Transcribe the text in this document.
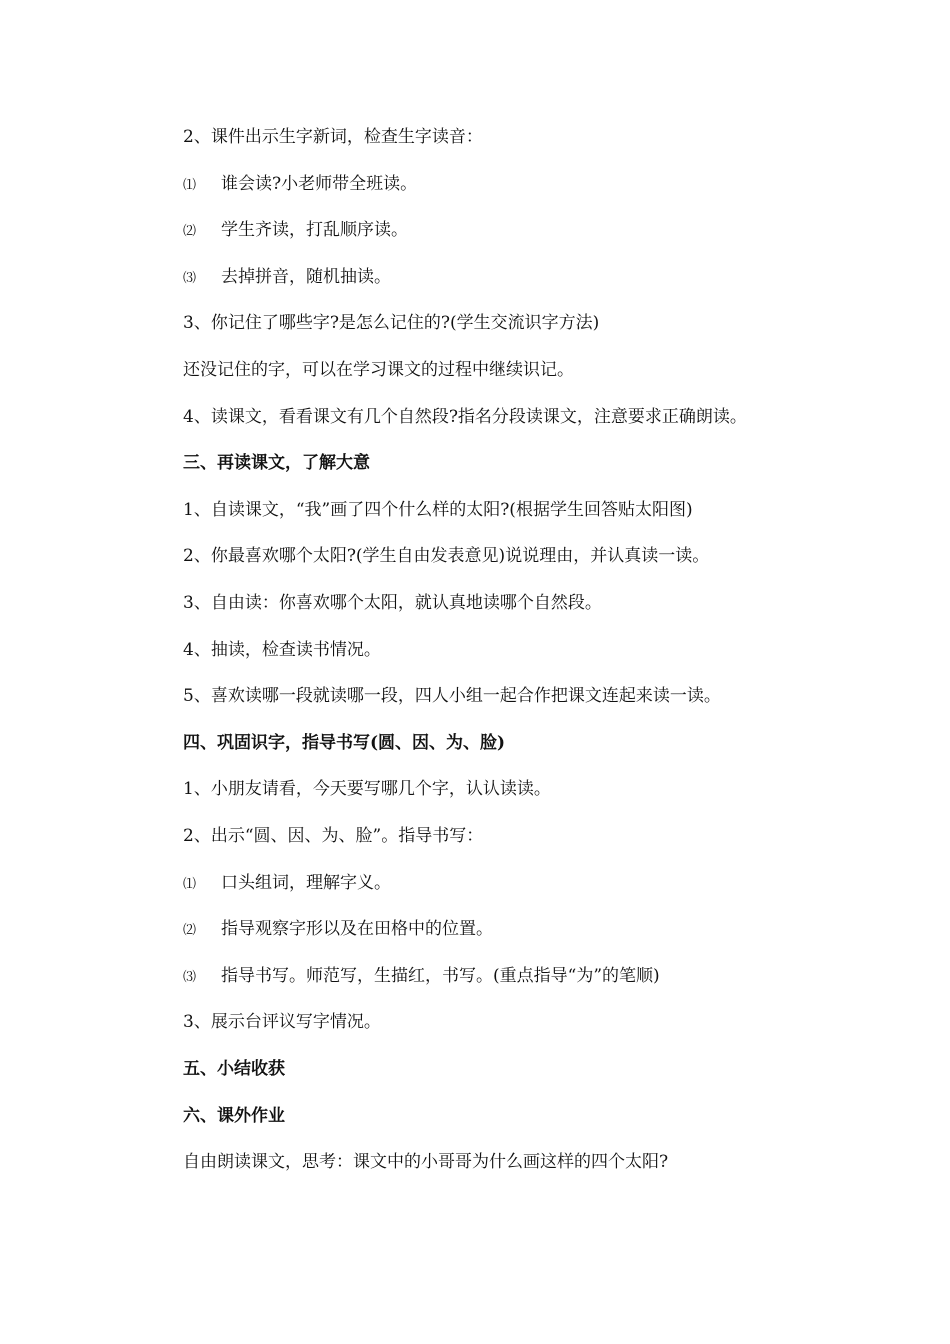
2、课件出示生字新词，检查生字读音：
⑴ 谁会读?小老师带全班读。
⑵ 学生齐读，打乱顺序读。
⑶ 去掉拼音，随机抽读。
3、你记住了哪些字?是怎么记住的?(学生交流识字方法)
还没记住的字，可以在学习课文的过程中继续识记。
4、读课文，看看课文有几个自然段?指名分段读课文，注意要求正确朗读。
三、再读课文，了解大意
1、自读课文，“我”画了四个什么样的太阳?(根据学生回答贴太阳图)
2、你最喜欢哪个太阳?(学生自由发表意见)说说理由，并认真读一读。
3、自由读：你喜欢哪个太阳，就认真地读哪个自然段。
4、抽读，检查读书情况。
5、喜欢读哪一段就读哪一段，四人小组一起合作把课文连起来读一读。
四、巩固识字，指导书写(圆、因、为、脸)
1、小朋友请看，今天要写哪几个字，认认读读。
2、出示“圆、因、为、脸”。指导书写：
⑴ 口头组词，理解字义。
⑵ 指导观察字形以及在田格中的位置。
⑶ 指导书写。师范写，生描红，书写。(重点指导“为”的笔顺)
3、展示台评议写字情况。
五、小结收获
六、课外作业
自由朗读课文，思考：课文中的小哥哥为什么画这样的四个太阳?
